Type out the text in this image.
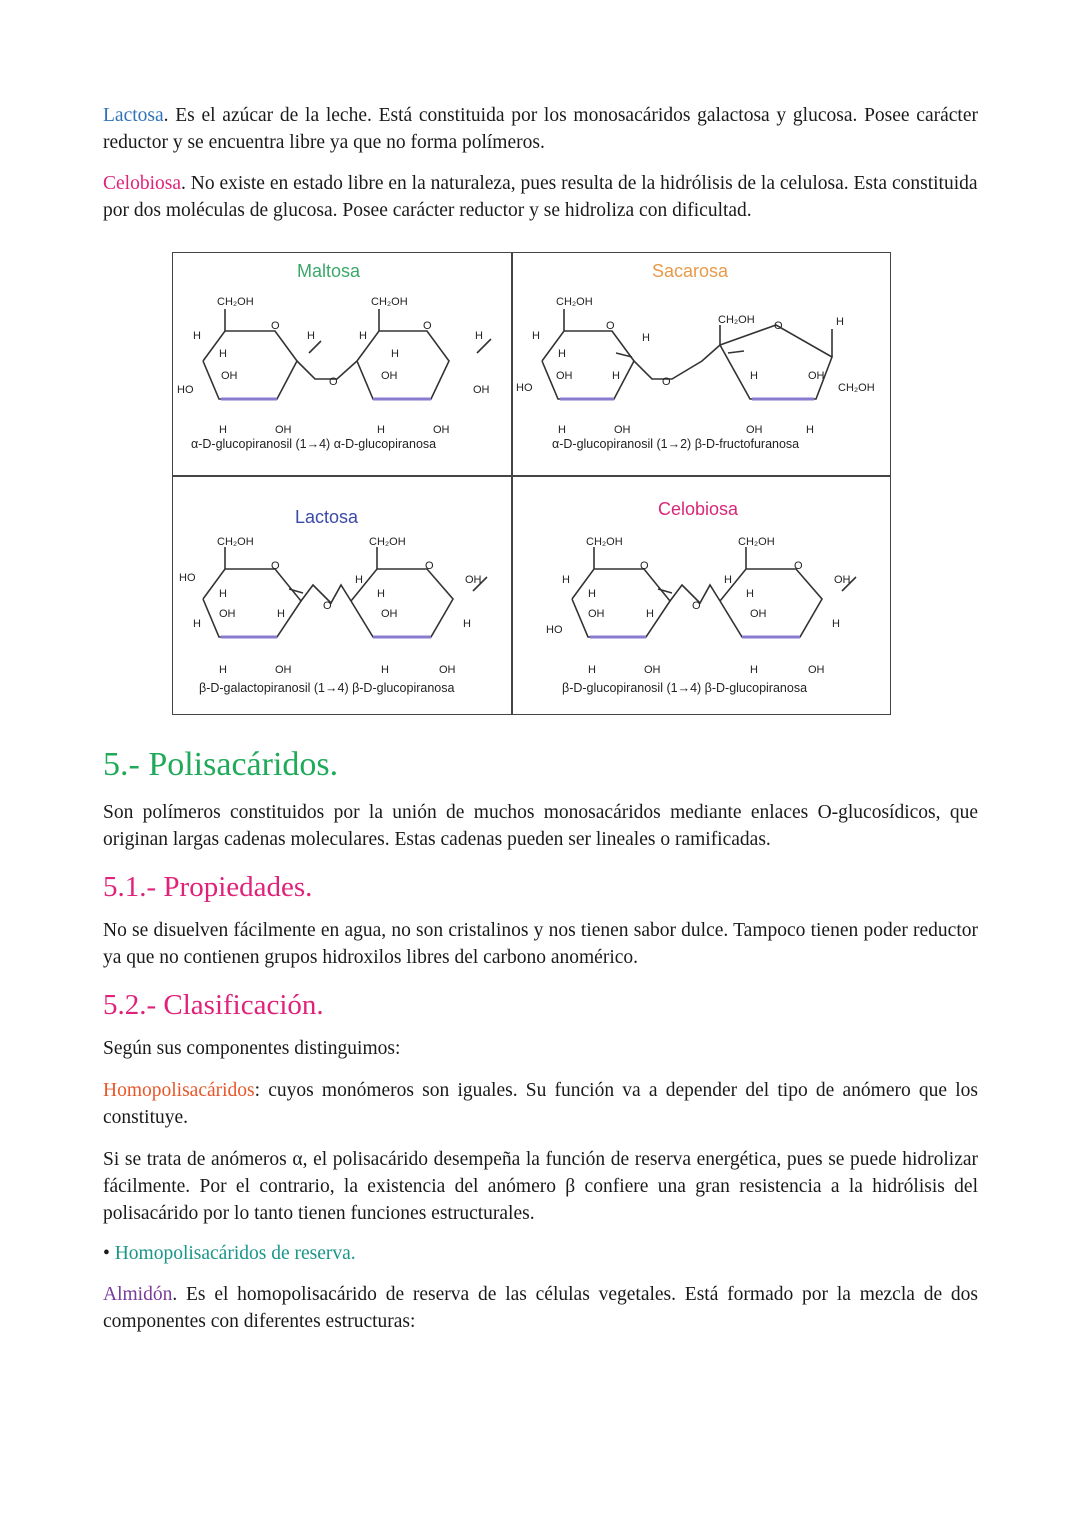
Lactosa. Es el azúcar de la leche. Está constituida por los monosacáridos galactosa y glucosa. Posee carácter reductor y se encuentra libre ya que no forma polímeros.

Celobiosa. No existe en estado libre en la naturaleza, pues resulta de la hidrólisis de la celulosa. Esta constituida por dos moléculas de glucosa. Posee carácter reductor y se hidroliza con dificultad.

Maltosa
CH₂OH	CH₂OH
O	O
O
HO
OH	OH
OH
OH	OH
H
H
H	H
H
H
H	H
α-D-glucopiranosil (1→4) α-D-glucopiranosa
Sacarosa
CH₂OH
CH₂OH
CH₂OH
O	O
O
HO
OH	OH
OH	OH
H
H
H
H	H
H
H	H
α-D-glucopiranosil (1→2) β-D-fructofuranosa
Lactosa
CH₂OH	CH₂OH
O	O
O
HO
OH	OH
OH
OH	OH
H
H
H
H
H
H
H	H
β-D-galactopiranosil (1→4) β-D-glucopiranosa
Celobiosa
CH₂OH	CH₂OH
O	O
O
HO
OH	OH
OH
OH	OH
H
H
H
H
H
H
H	H
β-D-glucopiranosil (1→4) β-D-glucopiranosa
5.- Polisacáridos.

Son polímeros constituidos por la unión de muchos monosacáridos mediante enlaces O-glucosídicos, que originan largas cadenas moleculares. Estas cadenas pueden ser lineales o ramificadas.

5.1.- Propiedades.

No se disuelven fácilmente en agua, no son cristalinos y nos tienen sabor dulce. Tampoco tienen poder reductor ya que no contienen grupos hidroxilos libres del carbono anomérico.

5.2.- Clasificación.

Según sus componentes distinguimos:

Homopolisacáridos: cuyos monómeros son iguales. Su función va a depender del tipo de anómero que los constituye.

Si se trata de anómeros α, el polisacárido desempeña la función de reserva energética, pues se puede hidrolizar fácilmente. Por el contrario, la existencia del anómero β confiere una gran resistencia a la hidrólisis del polisacárido por lo tanto tienen funciones estructurales.

• Homopolisacáridos de reserva.

Almidón. Es el homopolisacárido de reserva de las células vegetales. Está formado por la mezcla de dos componentes con diferentes estructuras:
